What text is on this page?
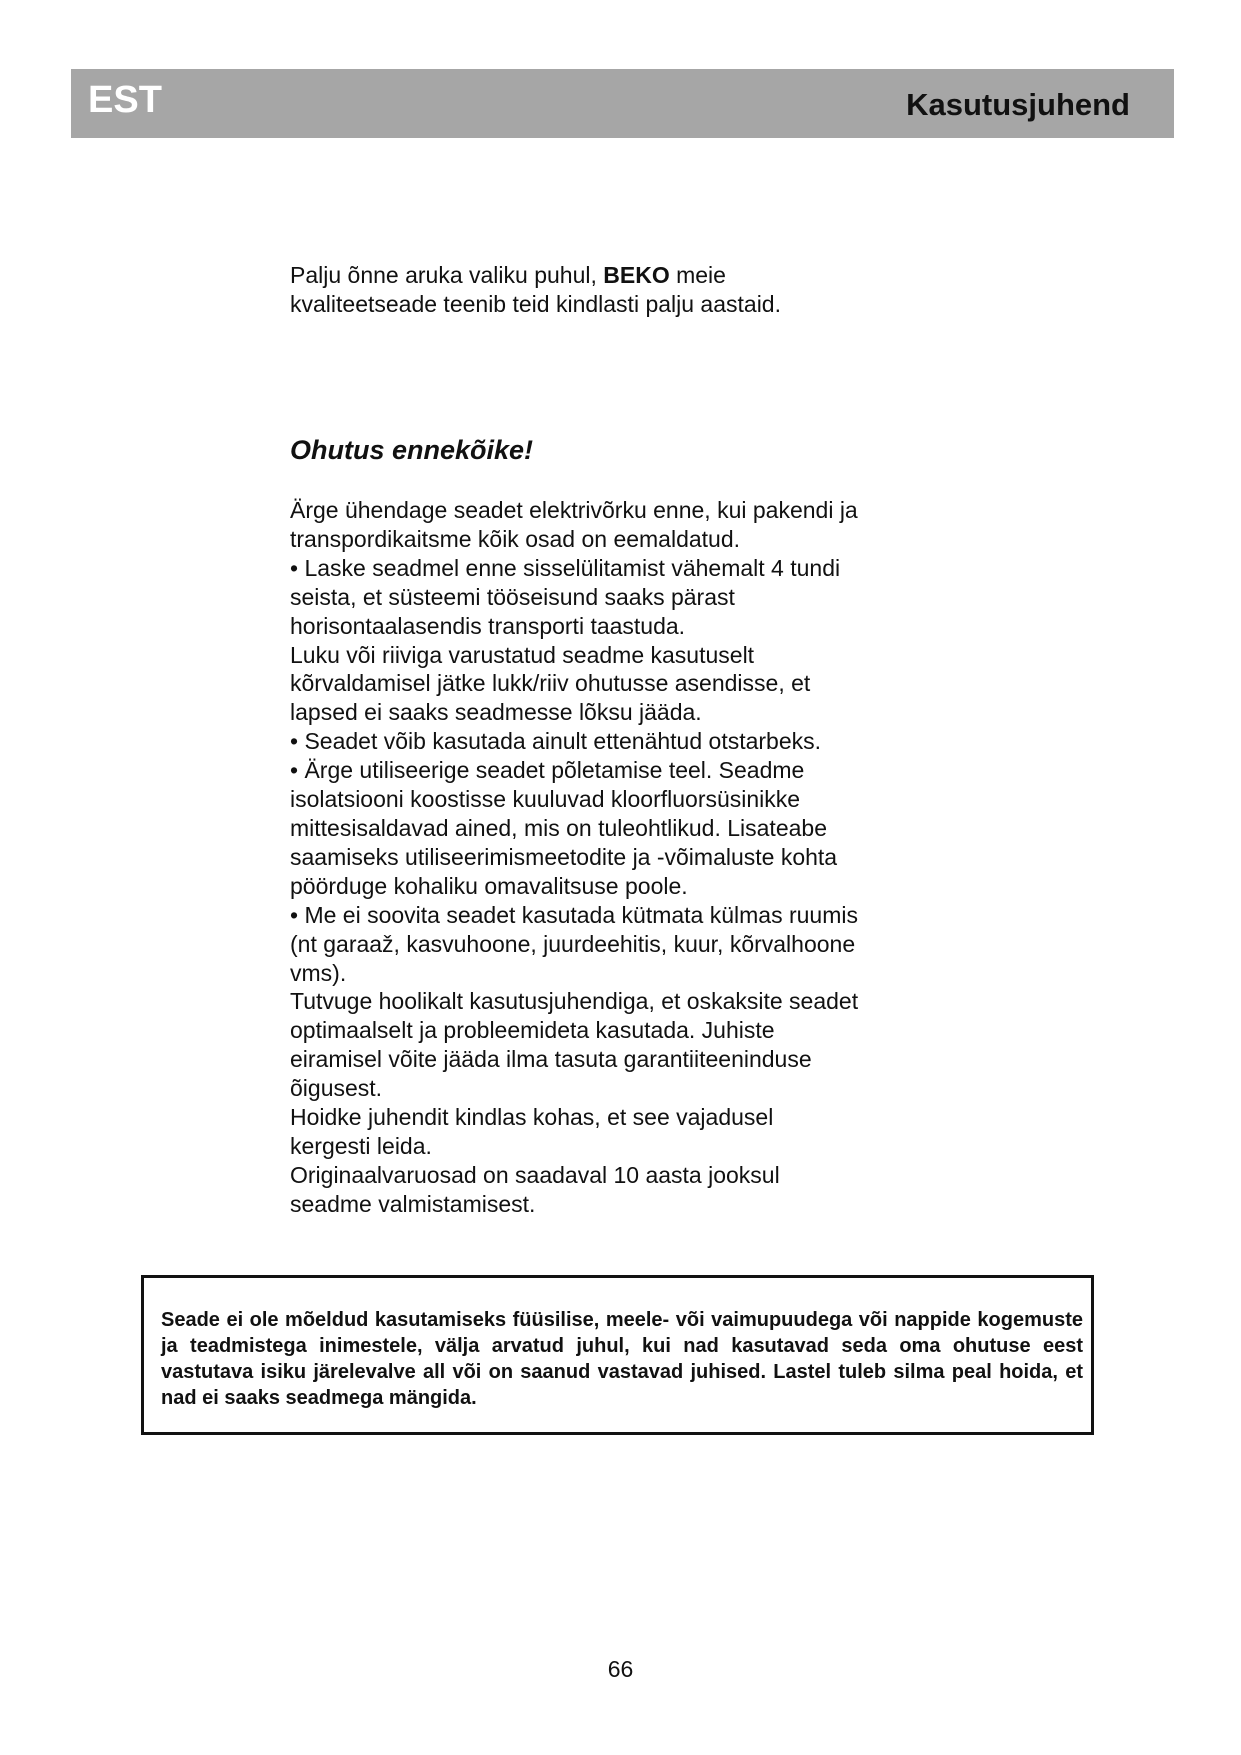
EST	Kasutusjuhend
Palju õnne aruka valiku puhul, BEKO meie
kvaliteetseade teenib teid kindlasti palju aastaid.
Ohutus ennekõike!
Ärge ühendage seadet elektrivõrku enne, kui pakendi ja
transpordikaitsme kõik osad on eemaldatud.
• Laske seadmel enne sisselülitamist vähemalt 4 tundi
seista, et süsteemi tööseisund saaks pärast
horisontaalasendis transporti taastuda.
Luku või riiviga varustatud seadme kasutuselt
kõrvaldamisel jätke lukk/riiv ohutusse asendisse, et
lapsed ei saaks seadmesse lõksu jääda.
• Seadet võib kasutada ainult ettenähtud otstarbeks.
• Ärge utiliseerige seadet põletamise teel. Seadme
isolatsiooni koostisse kuuluvad kloorfluorsüsinikke
mittesisaldavad ained, mis on tuleohtlikud. Lisateabe
saamiseks utiliseerimismeetodite ja -võimaluste kohta
pöörduge kohaliku omavalitsuse poole.
• Me ei soovita seadet kasutada kütmata külmas ruumis
(nt garaaž, kasvuhoone, juurdeehitis, kuur, kõrvalhoone
vms).
Tutvuge hoolikalt kasutusjuhendiga, et oskaksite seadet
optimaalselt ja probleemideta kasutada. Juhiste
eiramisel võite jääda ilma tasuta garantiiteeninduse
õigusest.
Hoidke juhendit kindlas kohas, et see vajadusel
kergesti leida.
Originaalvaruosad on saadaval 10 aasta jooksul
seadme valmistamisest.
Seade ei ole mõeldud kasutamiseks füüsilise, meele- või vaimupuudega või nappide kogemuste ja teadmistega inimestele, välja arvatud juhul, kui nad kasutavad seda oma ohutuse eest vastutava isiku järelevalve all või on saanud vastavad juhised. Lastel tuleb silma peal hoida, et nad ei saaks seadmega mängida.
66
